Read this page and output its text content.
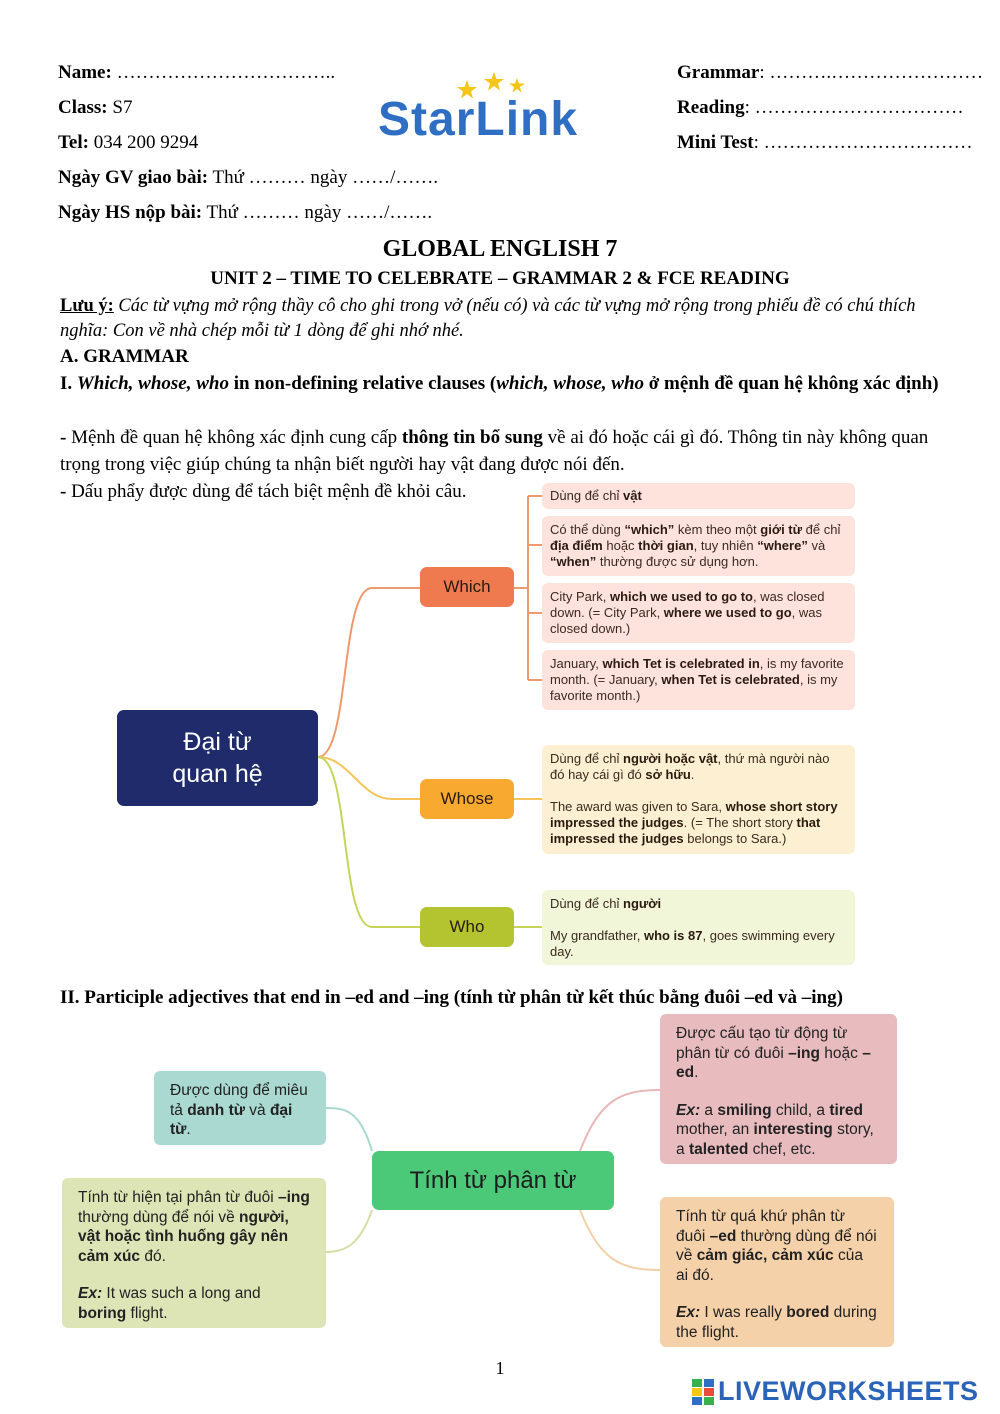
Name: ……………………………..
Class: S7
Tel: 034 200 9294
Ngày GV giao bài: Thứ ……… ngày ……/…….
Ngày HS nộp bài: Thứ ……… ngày ……/…….
Grammar: ……….……………………
Reading: ……………………………
Mini Test: ……………………………
StarLink
GLOBAL ENGLISH 7
UNIT 2 – TIME TO CELEBRATE – GRAMMAR 2 & FCE READING
Lưu ý: Các từ vựng mở rộng thầy cô cho ghi trong vở (nếu có) và các từ vựng mở rộng trong phiếu đề có chú thích nghĩa: Con về nhà chép mỗi từ 1 dòng để ghi nhớ nhé.
A. GRAMMAR
I. Which, whose, who in non-defining relative clauses (which, whose, who ở mệnh đề quan hệ không xác định)
- Mệnh đề quan hệ không xác định cung cấp thông tin bổ sung về ai đó hoặc cái gì đó. Thông tin này không quan trọng trong việc giúp chúng ta nhận biết người hay vật đang được nói đến.
- Dấu phẩy được dùng để tách biệt mệnh đề khỏi câu.
Đại từ
quan hệ
Which
Whose
Who
Dùng để chỉ vật
Có thể dùng “which” kèm theo một giới từ để chỉ địa điểm hoặc thời gian, tuy nhiên “where” và “when” thường được sử dụng hơn.
City Park, which we used to go to, was closed down. (= City Park, where we used to go, was closed down.)
January, which Tet is celebrated in, is my favorite month. (= January, when Tet is celebrated, is my favorite month.)
Dùng để chỉ người hoặc vật, thứ mà người nào đó hay cái gì đó sở hữu.
The award was given to Sara, whose short story impressed the judges. (= The short story that impressed the judges belongs to Sara.)
Dùng để chỉ người
My grandfather, who is 87, goes swimming every day.
II. Participle adjectives that end in –ed and –ing (tính từ phân từ kết thúc bằng đuôi –ed và –ing)
Tính từ phân từ
Được dùng để miêu tả danh từ và đại từ.
Tính từ hiện tại phân từ đuôi –ing thường dùng để nói về người, vật hoặc tình huống gây nên cảm xúc đó.
Ex: It was such a long and boring flight.
Được cấu tạo từ động từ phân từ có đuôi –ing hoặc –ed.
Ex: a smiling child, a tired mother, an interesting story, a talented chef, etc.
Tính từ quá khứ phân từ đuôi –ed thường dùng để nói về cảm giác, cảm xúc của ai đó.
Ex: I was really bored during the flight.
1
LIVEWORKSHEETS
